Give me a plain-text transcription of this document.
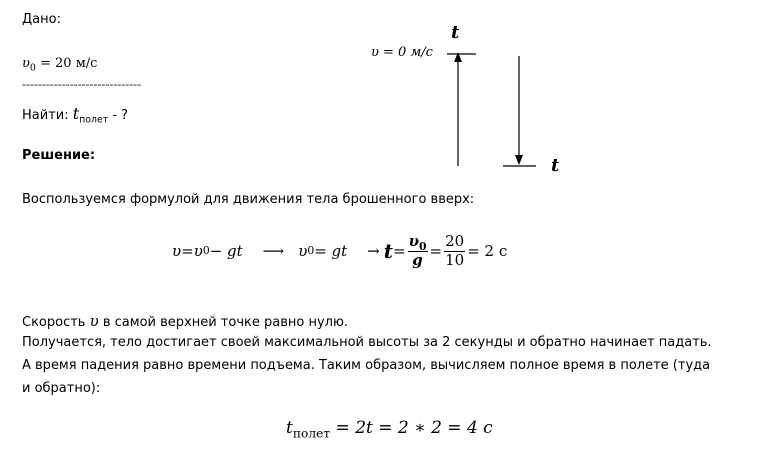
Дано:
$\upsilon_0 = 20$ м/с
------------------------------
Найти: $t_{полет}$ - ?
Решение:
υ = 0 м/с
t
t
Воспользуемся формулой для движения тела брошенного вверх:
υ = υ 0 − gt ⟶ υ 0 = gt → $t = \frac{\upsilon_0}{g} = \frac{20}{10} = 2$ с
Скорость υ в самой верхней точке равно нулю.
Получается, тело достигает своей максимальной высоты за 2 секунды и обратно начинает падать.
А время падения равно времени подъема. Таким образом, вычисляем полное время в полете (туда
и обратно):
$t_{полет} = 2t = 2$ ∗ 2 = 4 с
